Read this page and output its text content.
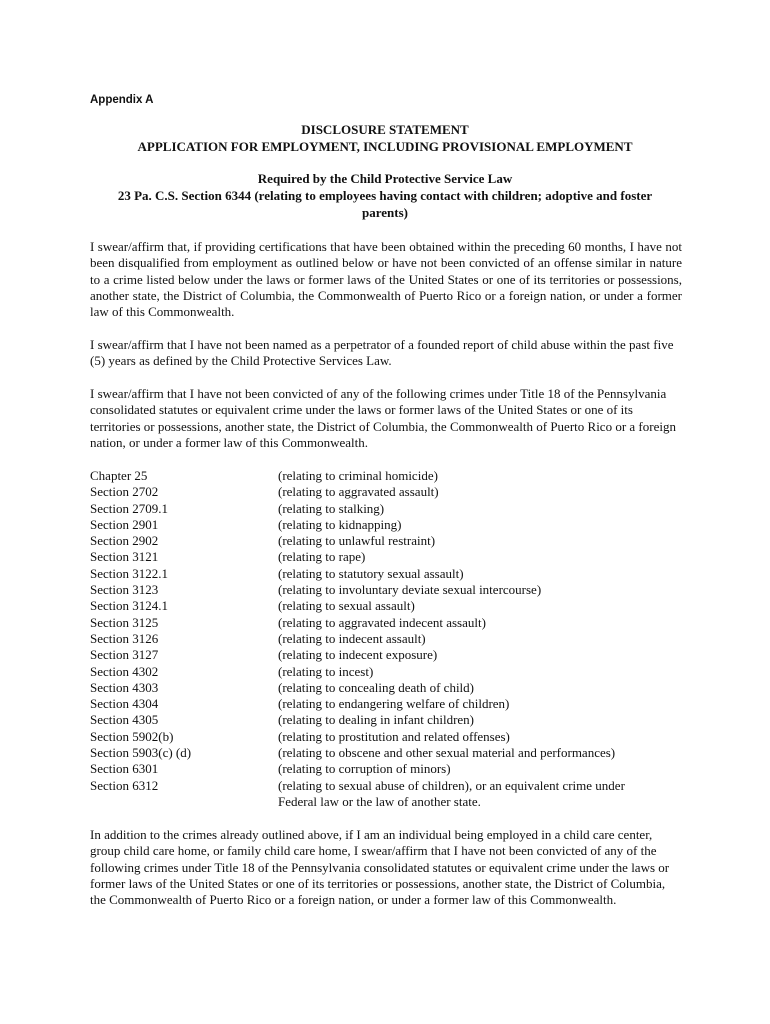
Appendix A
DISCLOSURE STATEMENT
APPLICATION FOR EMPLOYMENT, INCLUDING PROVISIONAL EMPLOYMENT
Required by the Child Protective Service Law
23 Pa. C.S. Section 6344 (relating to employees having contact with children; adoptive and foster
parents)
I swear/affirm that, if providing certifications that have been obtained within the preceding 60 months, I have not been disqualified from employment as outlined below or have not been convicted of an offense similar in nature to a crime listed below under the laws or former laws of the United States or one of its territories or possessions, another state, the District of Columbia, the Commonwealth of Puerto Rico or a foreign nation, or under a former law of this Commonwealth.
I swear/affirm that I have not been named as a perpetrator of a founded report of child abuse within the past five (5) years as defined by the Child Protective Services Law.
I swear/affirm that I have not been convicted of any of the following crimes under Title 18 of the Pennsylvania consolidated statutes or equivalent crime under the laws or former laws of the United States or one of its territories or possessions, another state, the District of Columbia, the Commonwealth of Puerto Rico or a foreign nation, or under a former law of this Commonwealth.
Chapter 25	(relating to criminal homicide)
Section 2702	(relating to aggravated assault)
Section 2709.1	(relating to stalking)
Section 2901	(relating to kidnapping)
Section 2902	(relating to unlawful restraint)
Section 3121	(relating to rape)
Section 3122.1	(relating to statutory sexual assault)
Section 3123	(relating to involuntary deviate sexual intercourse)
Section 3124.1	(relating to sexual assault)
Section 3125	(relating to aggravated indecent assault)
Section 3126	(relating to indecent assault)
Section 3127	(relating to indecent exposure)
Section 4302	(relating to incest)
Section 4303	(relating to concealing death of child)
Section 4304	(relating to endangering welfare of children)
Section 4305	(relating to dealing in infant children)
Section 5902(b)	(relating to prostitution and related offenses)
Section 5903(c) (d)	(relating to obscene and other sexual material and performances)
Section 6301	(relating to corruption of minors)
Section 6312	(relating to sexual abuse of children), or an equivalent crime under
Federal law or the law of another state.
In addition to the crimes already outlined above, if I am an individual being employed in a child care center, group child care home, or family child care home, I swear/affirm that I have not been convicted of any of the following crimes under Title 18 of the Pennsylvania consolidated statutes or equivalent crime under the laws or former laws of the United States or one of its territories or possessions, another state, the District of Columbia, the Commonwealth of Puerto Rico or a foreign nation, or under a former law of this Commonwealth.
